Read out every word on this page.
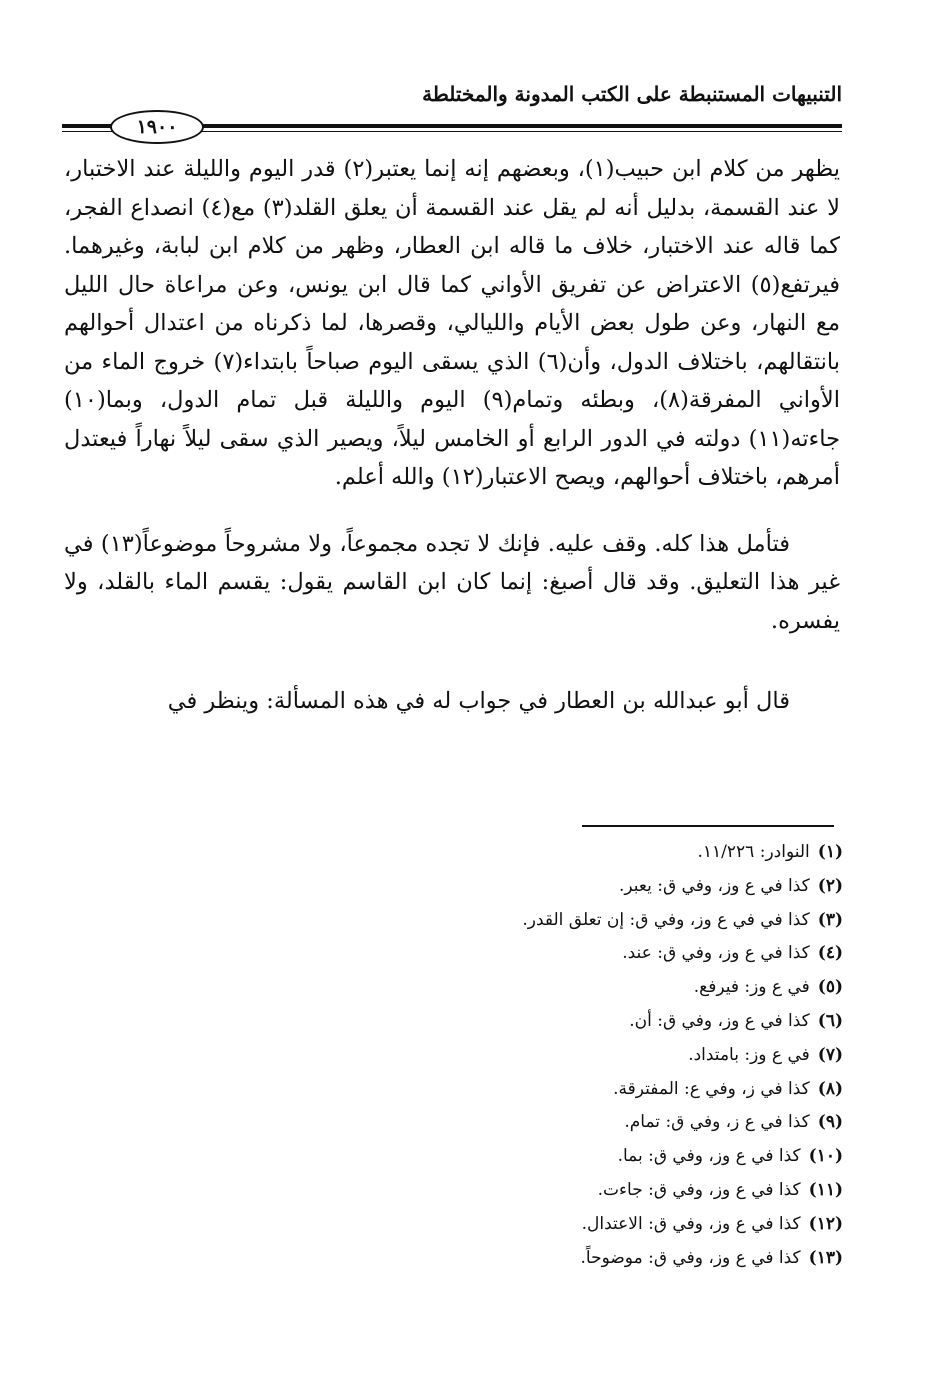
التنبيهات المستنبطة على الكتب المدونة والمختلطة
١٩٠٠

يظهر من كلام ابن حبيب(١)، وبعضهم إنه إنما يعتبر(٢) قدر اليوم والليلة عند الاختبار، لا عند القسمة، بدليل أنه لم يقل عند القسمة أن يعلق القلد(٣) مع(٤) انصداع الفجر، كما قاله عند الاختبار، خلاف ما قاله ابن العطار، وظهر من كلام ابن لبابة، وغيرهما. فيرتفع(٥) الاعتراض عن تفريق الأواني كما قال ابن يونس، وعن مراعاة حال الليل مع النهار، وعن طول بعض الأيام والليالي، وقصرها، لما ذكرناه من اعتدال أحوالهم بانتقالهم، باختلاف الدول، وأن(٦) الذي يسقى اليوم صباحاً بابتداء(٧) خروج الماء من الأواني المفرقة(٨)، وبطئه وتمام(٩) اليوم والليلة قبل تمام الدول، وبما(١٠) جاءته(١١) دولته في الدور الرابع أو الخامس ليلاً، ويصير الذي سقى ليلاً نهاراً فيعتدل أمرهم، باختلاف أحوالهم، ويصح الاعتبار(١٢) والله أعلم.

فتأمل هذا كله. وقف عليه. فإنك لا تجده مجموعاً، ولا مشروحاً موضوعاً(١٣) في غير هذا التعليق. وقد قال أصبغ: إنما كان ابن القاسم يقول: يقسم الماء بالقلد، ولا يفسره.

قال أبو عبدالله بن العطار في جواب له في هذه المسألة: وينظر في

(١)النوادر: ١١/٢٢٦.
(٢)كذا في ع وز، وفي ق: يعبر.
(٣)كذا في في ع وز، وفي ق: إن تعلق القدر.
(٤)كذا في ع وز، وفي ق: عند.
(٥)في ع وز: فيرفع.
(٦)كذا في ع وز، وفي ق: أن.
(٧)في ع وز: بامتداد.
(٨)كذا في ز، وفي ع: المفترقة.
(٩)كذا في ع ز، وفي ق: تمام.
(١٠)كذا في ع وز، وفي ق: بما.
(١١)كذا في ع وز، وفي ق: جاءت.
(١٢)كذا في ع وز، وفي ق: الاعتدال.
(١٣)كذا في ع وز، وفي ق: موضوحاً.
